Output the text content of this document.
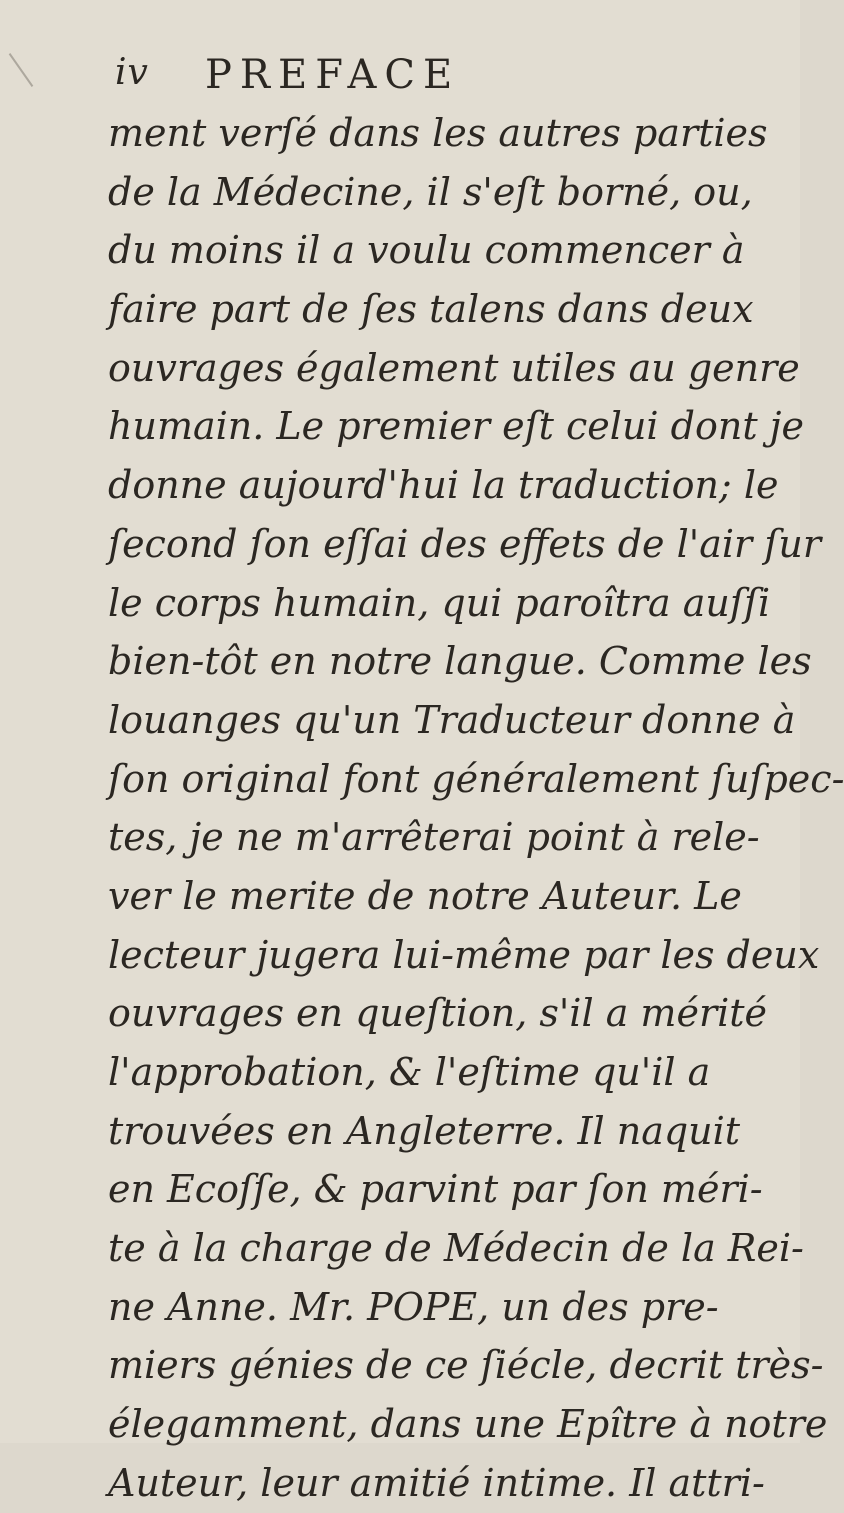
iv PREFACE
ment verſé dans les autres parties
de la Médecine, il s'eſt borné, ou,
du moins il a voulu commencer à
faire part de ſes talens dans deux
ouvrages également utiles au genre
humain. Le premier eſt celui dont je
donne aujourd'hui la traduction; le
ſecond ſon eſſai des effets de l'air ſur
le corps humain, qui paroîtra auſſi
bien-tôt en notre langue. Comme les
louanges qu'un Traducteur donne à
ſon original font généralement ſuſpec-
tes, je ne m'arrêterai point à rele-
ver le merite de notre Auteur. Le
lecteur jugera lui-même par les deux
ouvrages en queſtion, s'il a mérité
l'approbation, & l'eſtime qu'il a
trouvées en Angleterre. Il naquit
en Ecoſſe, & parvint par ſon méri-
te à la charge de Médecin de la Rei-
ne Anne. Mr. POPE, un des pre-
miers génies de ce ſiécle, decrit très-
élegamment, dans une Epître à notre
Auteur, leur amitié intime. Il attri-
